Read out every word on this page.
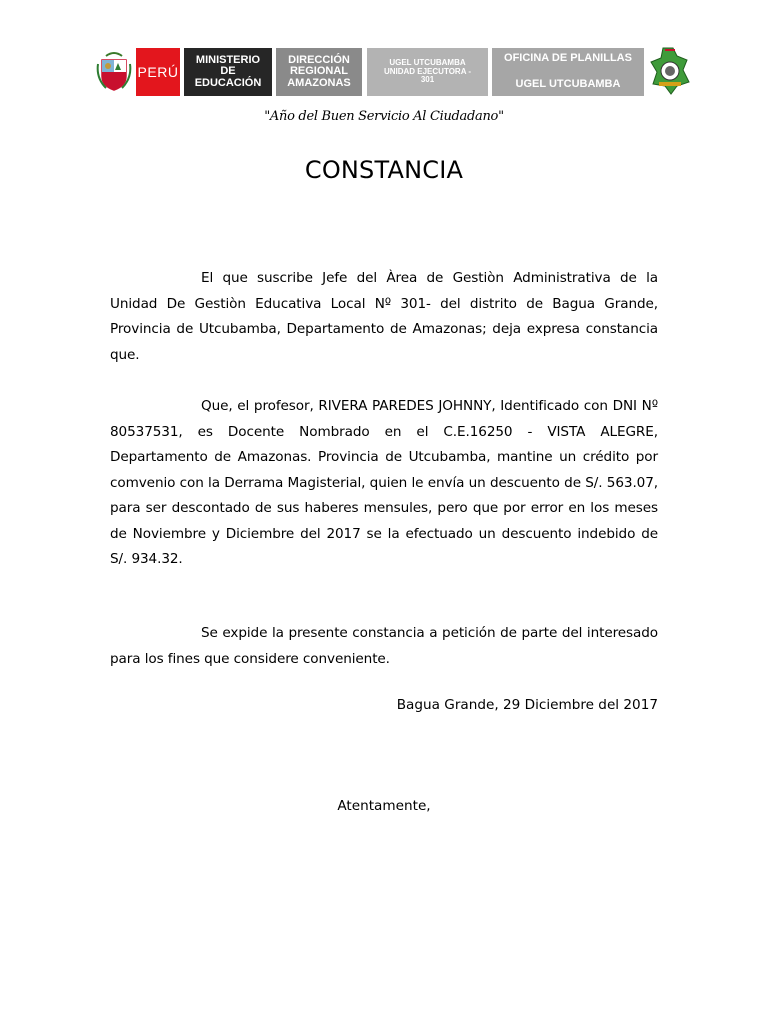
PERÚ
MINISTERIO
DE
EDUCACIÓN
DIRECCIÓN
REGIONAL
AMAZONAS
UGEL UTCUBAMBA
UNIDAD EJECUTORA -
301
OFICINA DE PLANILLAS
UGEL UTCUBAMBA
"Año del Buen Servicio Al Ciudadano"
CONSTANCIA
El que suscribe Jefe del Àrea de Gestiòn Administrativa de la Unidad De Gestiòn Educativa Local Nº 301- del distrito de Bagua Grande, Provincia de Utcubamba, Departamento de Amazonas; deja expresa constancia que.
Que, el profesor, RIVERA PAREDES JOHNNY, Identificado con DNI Nº 80537531, es Docente Nombrado en el C.E.16250 - VISTA ALEGRE, Departamento de Amazonas. Provincia de Utcubamba, mantine un crédito por comvenio con la Derrama Magisterial, quien le envía un descuento de S/. 563.07, para ser descontado de sus haberes mensules, pero que por error en los meses de Noviembre y Diciembre del 2017 se la efectuado un descuento indebido de S/. 934.32.
Se expide la presente constancia a petición de parte del interesado para los fines que considere conveniente.
Bagua Grande, 29 Diciembre del 2017
Atentamente,
